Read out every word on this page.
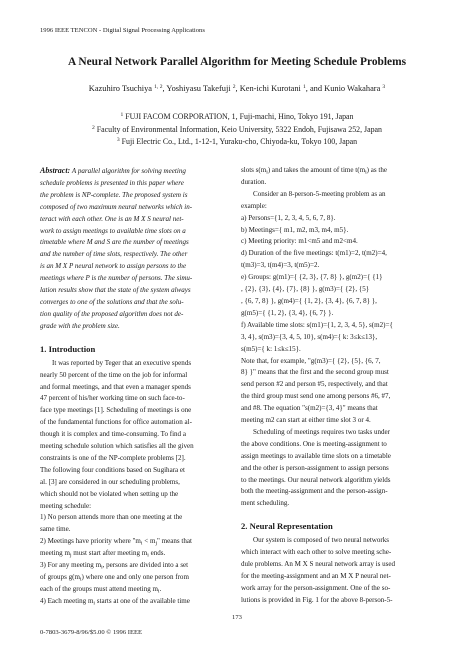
1996 IEEE TENCON - Digital Signal Processing Applications
A Neural Network Parallel Algorithm for Meeting Schedule Problems
Kazuhiro Tsuchiya $^{1, 2}$, Yoshiyasu Takefuji $^2$, Ken-ichi Kurotani $^1$, and Kunio Wakahara $^3$
$^1$ FUJI FACOM CORPORATION, 1, Fuji-machi, Hino, Tokyo 191, Japan
$^2$ Faculty of Environmental Information, Keio University, 5322 Endoh, Fujisawa 252, Japan
$^3$ Fuji Electric Co., Ltd., 1-12-1, Yuraku-cho, Chiyoda-ku, Tokyo 100, Japan
Abstract: A parallel algorithm for solving meeting
schedule problems is presented in this paper where
the problem is NP-complete. The proposed system is
composed of two maximum neural networks which in-
teract with each other. One is an M X S neural net-
work to assign meetings to available time slots on a
timetable where M and S are the number of meetings
and the number of time slots, respectively. The other
is an M X P neural network to assign persons to the
meetings where P is the number of persons. The simu-
lation results show that the state of the system always
converges to one of the solutions and that the solu-
tion quality of the proposed algorithm does not de-
grade with the problem size.
1. Introduction
It was reported by Teger that an executive spends
nearly 50 percent of the time on the job for informal
and formal meetings, and that even a manager spends
47 percent of his/her working time on such face-to-
face type meetings [1]. Scheduling of meetings is one
of the fundamental functions for office automation al-
though it is complex and time-consuming. To find a
meeting schedule solution which satisfies all the given
constraints is one of the NP-complete problems [2].
The following four conditions based on Sugihara et
al. [3] are considered in our scheduling problems,
which should not be violated when setting up the
meeting schedule:
1) No person attends more than one meeting at the
same time.
2) Meetings have priority where "$m_i < m_j$" means that
meeting $m_j$ must start after meeting $m_i$ ends.
3) For any meeting $m_i$, persons are divided into a set
of groups $g(m_i)$ where one and only one person from
each of the groups must attend meeting $m_i$.
4) Each meeting $m_i$ starts at one of the available time
slots $s(m_i)$ and takes the amount of time $t(m_i)$ as the
duration.
Consider an 8-person-5-meeting problem as an
example:
a) Persons={1, 2, 3, 4, 5, 6, 7, 8}.
b) Meetings={ m1, m2, m3, m4, m5}.
c) Meeting priority: m1<m5 and m2<m4.
d) Duration of the five meetings: t(m1)=2, t(m2)=4,
t(m3)=3, t(m4)=3, t(m5)=2.
e) Groups: g(m1)={ {2, 3}, {7, 8} }, g(m2)={ {1}
, {2}, {3}, {4}, {7}, {8} }, g(m3)={ {2}, {5}
, {6, 7, 8} }, g(m4)={ {1, 2}, {3, 4}, {6, 7, 8} },
g(m5)={ {1, 2}, {3, 4}, {6, 7} }.
f) Available time slots: s(m1)={1, 2, 3, 4, 5}, s(m2)={
3, 4}, s(m3)={3, 4, 5, 10}, s(m4)={ k: 3≤k≤13},
s(m5)={ k: 1≤k≤15}.
Note that, for example, "g(m3)={ {2}, {5}, {6, 7,
8} }" means that the first and the second group must
send person #2 and person #5, respectively, and that
the third group must send one among persons #6, #7,
and #8. The equation "s(m2)={3, 4}" means that
meeting m2 can start at either time slot 3 or 4.
Scheduling of meetings requires two tasks under
the above conditions. One is meeting-assignment to
assign meetings to available time slots on a timetable
and the other is person-assignment to assign persons
to the meetings. Our neural network algorithm yields
both the meeting-assignment and the person-assign-
ment scheduling.
2. Neural Representation
Our system is composed of two neural networks
which interact with each other to solve meeting sche-
dule problems. An M X S neural network array is used
for the meeting-assignment and an M X P neural net-
work array for the person-assignment. One of the so-
lutions is provided in Fig. 1 for the above 8-person-5-
173
0-7803-3679-8/96/$5.00 © 1996 IEEE
